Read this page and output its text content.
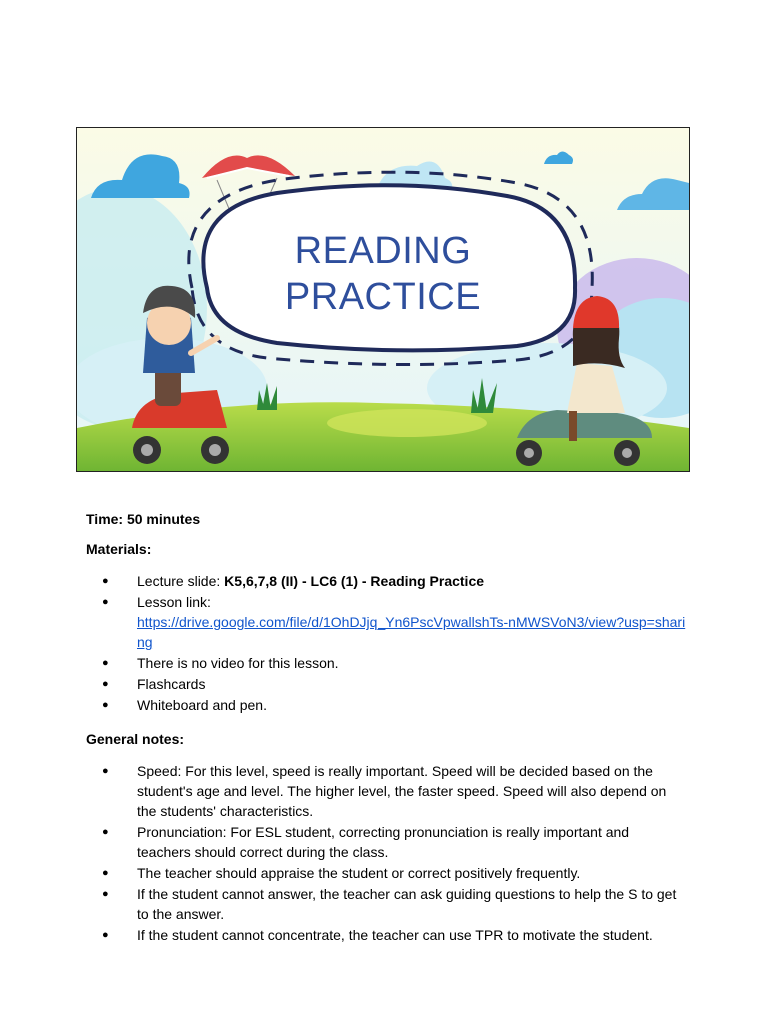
READING
PRACTICE

Time: 50 minutes

Materials:

● Lecture slide: K5,6,7,8 (II) - LC6 (1) - Reading Practice
● Lesson link:
https://drive.google.com/file/d/1OhDJjq_Yn6PscVpwallshTs-nMWSVoN3/view?usp=sharing
● There is no video for this lesson.
● Flashcards
● Whiteboard and pen.

General notes:

● Speed: For this level, speed is really important. Speed will be decided based on the student's age and level. The higher level, the faster speed. Speed will also depend on the students' characteristics.
● Pronunciation: For ESL student, correcting pronunciation is really important and teachers should correct during the class.
● The teacher should appraise the student or correct positively frequently.
● If the student cannot answer, the teacher can ask guiding questions to help the S to get to the answer.
● If the student cannot concentrate, the teacher can use TPR to motivate the student.
